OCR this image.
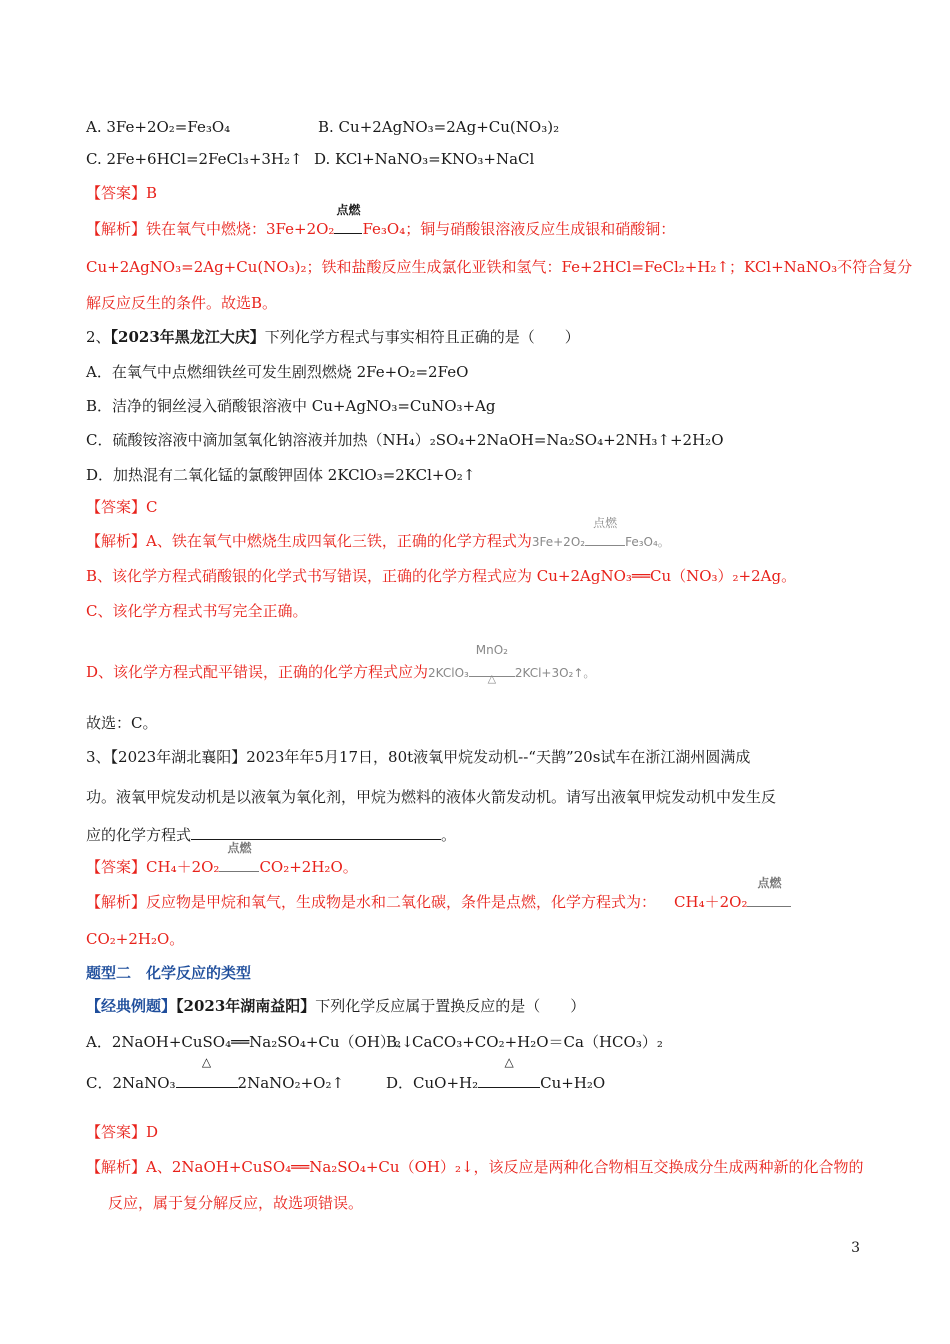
A. 3Fe+2O₂=Fe₃O₄	B. Cu+2AgNO₃=2Ag+Cu(NO₃)₂
C. 2Fe+6HCl=2FeCl₃+3H₂↑ D. KCl+NaNO₃=KNO₃+NaCl
【答案】B
【解析】铁在氧气中燃烧：3Fe+2O₂
点燃
Fe₃O₄；铜与硝酸银溶液反应生成银和硝酸铜：
Cu+2AgNO₃=2Ag+Cu(NO₃)₂；铁和盐酸反应生成氯化亚铁和氢气：Fe+2HCl=FeCl₂+H₂↑；KCl+NaNO₃不符合复分
解反应反生的条件。故选B。
2、【2023年黑龙江大庆】下列化学方程式与事实相符且正确的是（　　）
A．在氧气中点燃细铁丝可发生剧烈燃烧 2Fe+O₂=2FeO
B．洁净的铜丝浸入硝酸银溶液中 Cu+AgNO₃=CuNO₃+Ag
C．硫酸铵溶液中滴加氢氧化钠溶液并加热（NH₄）₂SO₄+2NaOH=Na₂SO₄+2NH₃↑+2H₂O
D．加热混有二氧化锰的氯酸钾固体 2KClO₃=2KCl+O₂↑
【答案】C
【解析】A、铁在氧气中燃烧生成四氧化三铁，正确的化学方程式为3Fe+2O₂
点燃
Fe₃O₄。
B、该化学方程式硝酸银的化学式书写错误，正确的化学方程式应为 Cu+2AgNO₃══Cu（NO₃）₂+2Ag。
C、该化学方程式书写完全正确。
D、该化学方程式配平错误，正确的化学方程式应为2KClO₃
MnO₂
△	2KCl+3O₂↑。
故选：C。
3、【2023年湖北襄阳】2023年年5月17日，80t液氧甲烷发动机--“天鹊”20s试车在浙江湖州圆满成
功。液氧甲烷发动机是以液氧为氧化剂，甲烷为燃料的液体火箭发动机。请写出液氧甲烷发动机中发生反
应的化学方程式	。
【答案】CH₄＋2O₂
点燃
CO₂+2H₂O。
【解析】反应物是甲烷和氧气，生成物是水和二氧化碳，条件是点燃，化学方程式为： CH₄＋2O₂
点燃
CO₂+2H₂O。
题型二　化学反应的类型
【经典例题】【2023年湖南益阳】下列化学反应属于置换反应的是（　　）
A．2NaOH+CuSO₄══Na₂SO₄+Cu（OH）₂↓
B．CaCO₃+CO₂+H₂O＝Ca（HCO₃）₂
C．2NaNO₃
△
2NaNO₂+O₂↑	D．CuO+H₂
△
Cu+H₂O
【答案】D
【解析】A、2NaOH+CuSO₄══Na₂SO₄+Cu（OH）₂↓，该反应是两种化合物相互交换成分生成两种新的化合物的
反应，属于复分解反应，故选项错误。
3
